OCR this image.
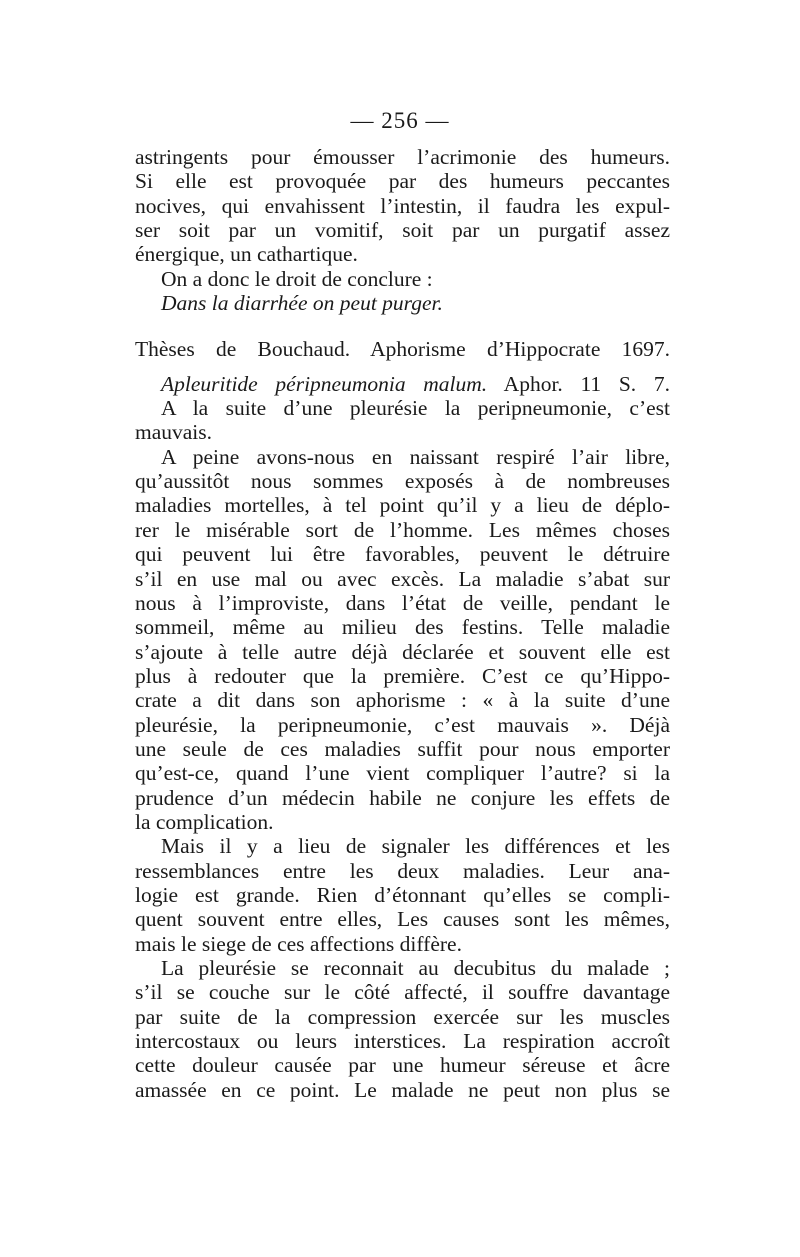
— 256 —
astringents pour émousser l’acrimonie des humeurs.
Si elle est provoquée par des humeurs peccantes
nocives, qui envahissent l’intestin, il faudra les expul-
ser soit par un vomitif, soit par un purgatif assez
énergique, un cathartique.
On a donc le droit de conclure :
Dans la diarrhée on peut purger.
Thèses de Bouchaud. Aphorisme d’Hippocrate 1697.
Apleuritide péripneumonia malum. Aphor. 11 S. 7.
A la suite d’une pleurésie la peripneumonie, c’est
mauvais.
A peine avons-nous en naissant respiré l’air libre,
qu’aussitôt nous sommes exposés à de nombreuses
maladies mortelles, à tel point qu’il y a lieu de déplo-
rer le misérable sort de l’homme. Les mêmes choses
qui peuvent lui être favorables, peuvent le détruire
s’il en use mal ou avec excès. La maladie s’abat sur
nous à l’improviste, dans l’état de veille, pendant le
sommeil, même au milieu des festins. Telle maladie
s’ajoute à telle autre déjà déclarée et souvent elle est
plus à redouter que la première. C’est ce qu’Hippo-
crate a dit dans son aphorisme : « à la suite d’une
pleurésie, la peripneumonie, c’est mauvais ». Déjà
une seule de ces maladies suffit pour nous emporter
qu’est-ce, quand l’une vient compliquer l’autre? si la
prudence d’un médecin habile ne conjure les effets de
la complication.
Mais il y a lieu de signaler les différences et les
ressemblances entre les deux maladies. Leur ana-
logie est grande. Rien d’étonnant qu’elles se compli-
quent souvent entre elles, Les causes sont les mêmes,
mais le siege de ces affections diffère.
La pleurésie se reconnait au decubitus du malade ;
s’il se couche sur le côté affecté, il souffre davantage
par suite de la compression exercée sur les muscles
intercostaux ou leurs interstices. La respiration accroît
cette douleur causée par une humeur séreuse et âcre
amassée en ce point. Le malade ne peut non plus se
